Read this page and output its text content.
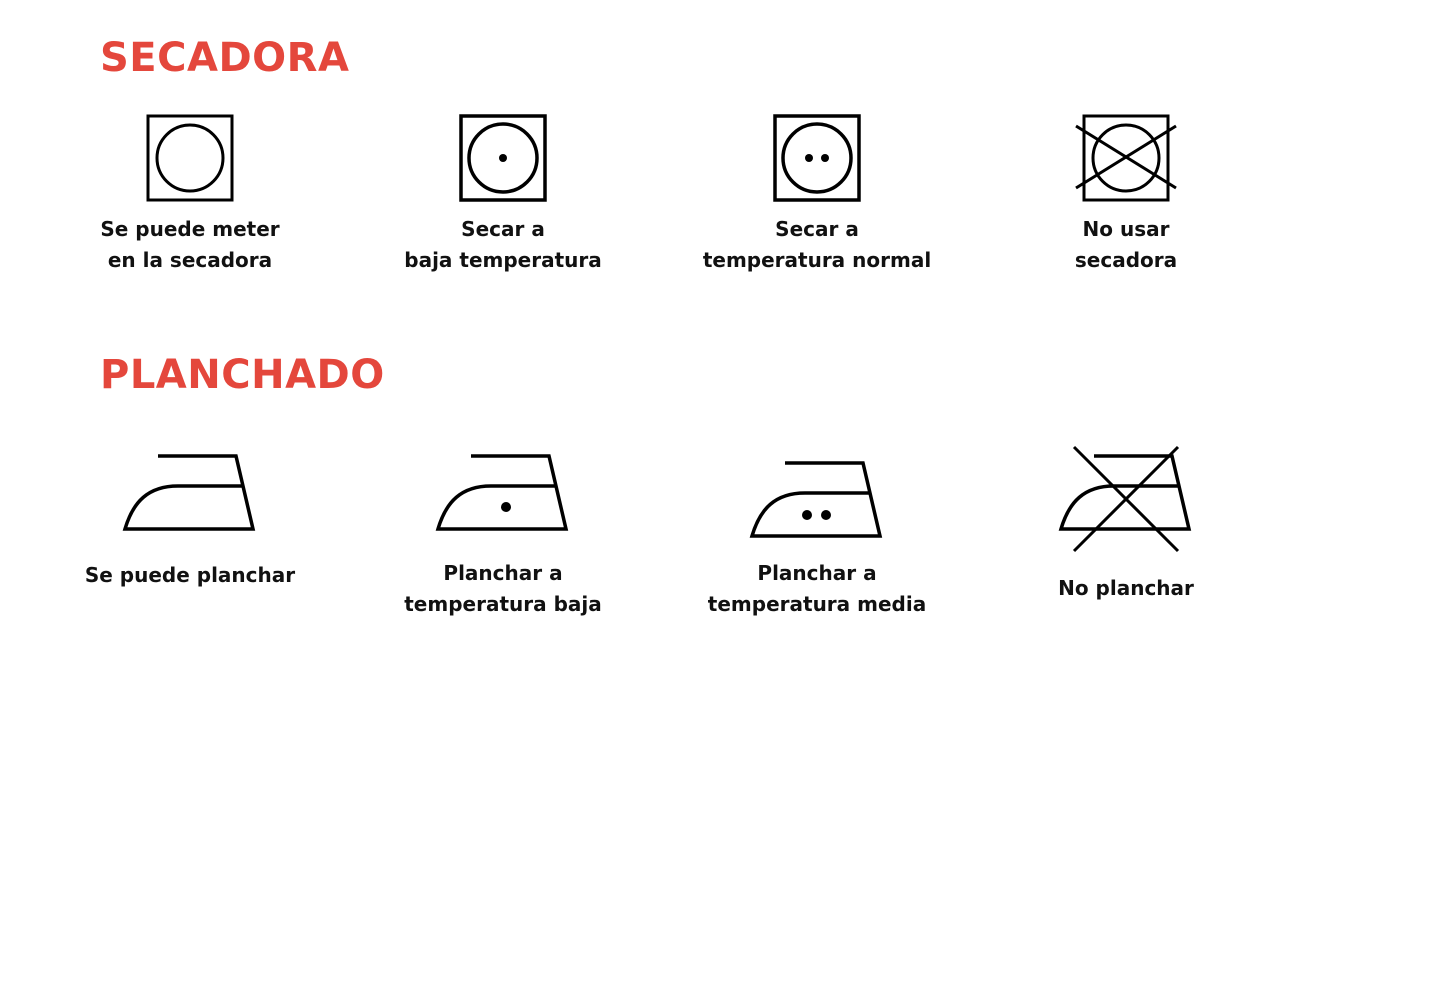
SECADORA
Se puede meter
en la secadora
Secar a
baja temperatura
Secar a
temperatura normal
No usar
secadora
PLANCHADO
Se puede planchar	Planchar a
temperatura baja
Planchar a
temperatura media
No planchar
